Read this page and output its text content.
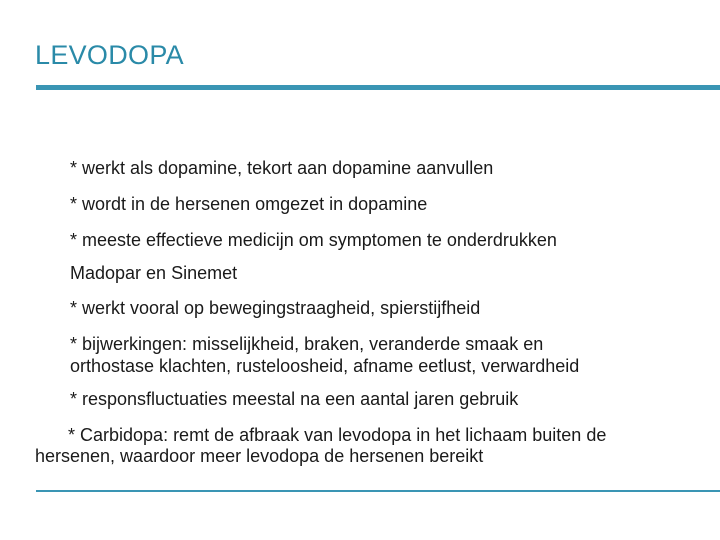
LEVODOPA
* werkt als dopamine, tekort aan dopamine aanvullen
* wordt in de hersenen omgezet in dopamine
* meeste effectieve medicijn om symptomen te onderdrukken
Madopar en Sinemet
* werkt vooral op bewegingstraagheid, spierstijfheid
* bijwerkingen: misselijkheid, braken, veranderde smaak en
orthostase klachten, rusteloosheid, afname eetlust, verwardheid
* responsfluctuaties meestal na een aantal jaren gebruik
* Carbidopa: remt de afbraak van levodopa in het lichaam buiten de
hersenen, waardoor meer levodopa de hersenen bereikt
